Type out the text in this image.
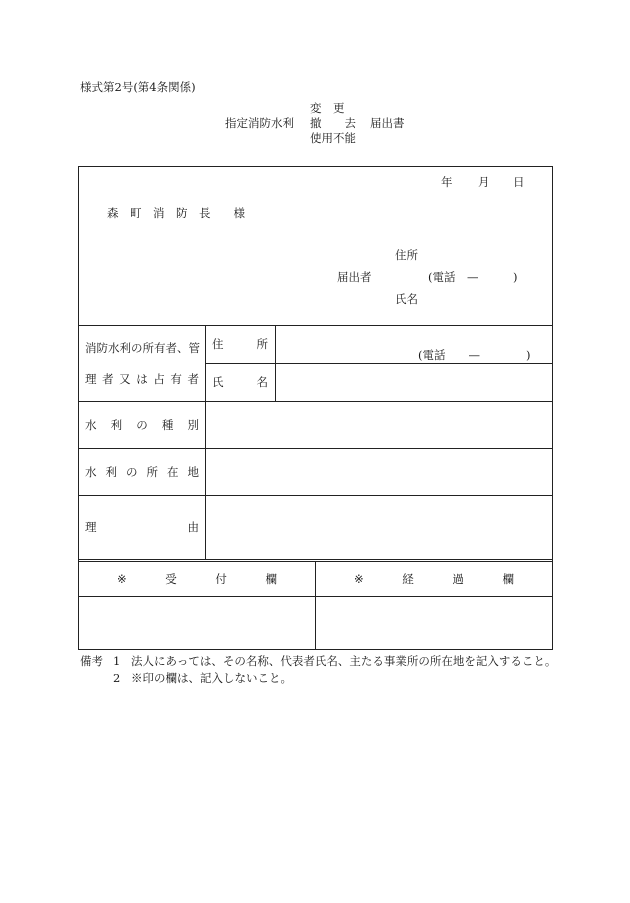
様式第2号(第4条関係)
変　更
指定消防水利 撤　　去 届出書
使用不能
年 月 日
森　町　消　防　長　　様
住所
届出者	(電話　—　　　)
氏名
消防水利の所有者、管
理 者 又 は 占 有 者
住	所
(電話　　—　　　　)
氏	名
水 利 の 種 別
水 利 の 所 在 地
理	由
※	受	付	欄	※	経	過	欄
備考 1 法人にあっては、その名称、代表者氏名、主たる事業所の所在地を記入すること。
2 ※印の欄は、記入しないこと。
